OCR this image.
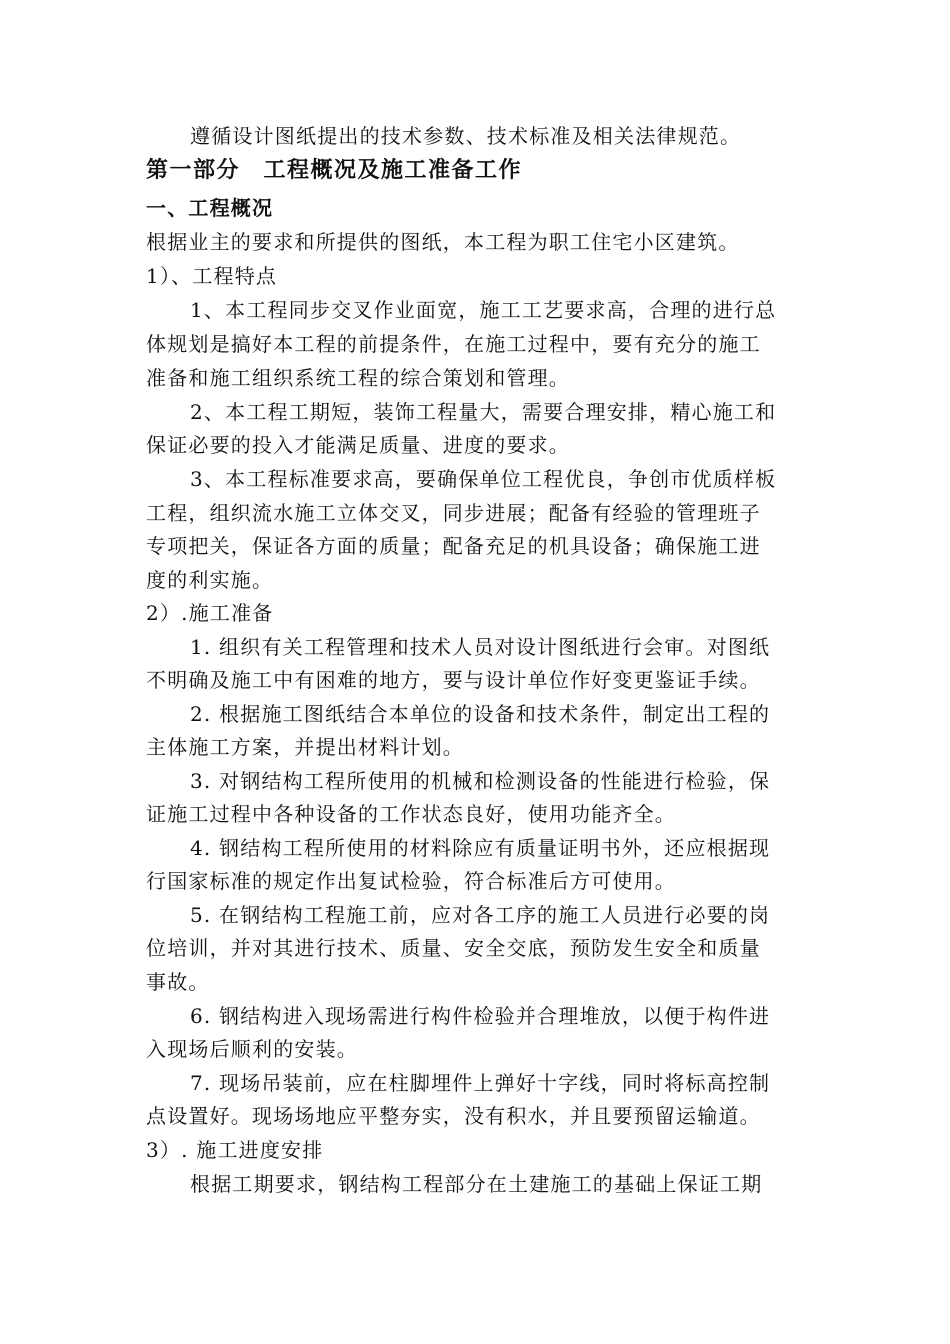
遵循设计图纸提出的技术参数、技术标准及相关法律规范。

第一部分　工程概况及施工准备工作

一、工程概况

根据业主的要求和所提供的图纸，本工程为职工住宅小区建筑。

1）、工程特点

1、本工程同步交叉作业面宽，施工工艺要求高，合理的进行总

体规划是搞好本工程的前提条件，在施工过程中，要有充分的施工

准备和施工组织系统工程的综合策划和管理。

2、本工程工期短，装饰工程量大，需要合理安排，精心施工和

保证必要的投入才能满足质量、进度的要求。

3、本工程标准要求高，要确保单位工程优良，争创市优质样板

工程，组织流水施工立体交叉，同步进展；配备有经验的管理班子

专项把关，保证各方面的质量；配备充足的机具设备；确保施工进

度的利实施。

2）.施工准备

1. 组织有关工程管理和技术人员对设计图纸进行会审。对图纸

不明确及施工中有困难的地方，要与设计单位作好变更鉴证手续。

2. 根据施工图纸结合本单位的设备和技术条件，制定出工程的

主体施工方案，并提出材料计划。

3. 对钢结构工程所使用的机械和检测设备的性能进行检验，保

证施工过程中各种设备的工作状态良好，使用功能齐全。

4. 钢结构工程所使用的材料除应有质量证明书外，还应根据现

行国家标准的规定作出复试检验，符合标准后方可使用。

5. 在钢结构工程施工前，应对各工序的施工人员进行必要的岗

位培训，并对其进行技术、质量、安全交底，预防发生安全和质量

事故。

6. 钢结构进入现场需进行构件检验并合理堆放，以便于构件进

入现场后顺利的安装。

7. 现场吊装前，应在柱脚埋件上弹好十字线，同时将标高控制

点设置好。现场场地应平整夯实，没有积水，并且要预留运输道。

3）. 施工进度安排

根据工期要求，钢结构工程部分在土建施工的基础上保证工期
